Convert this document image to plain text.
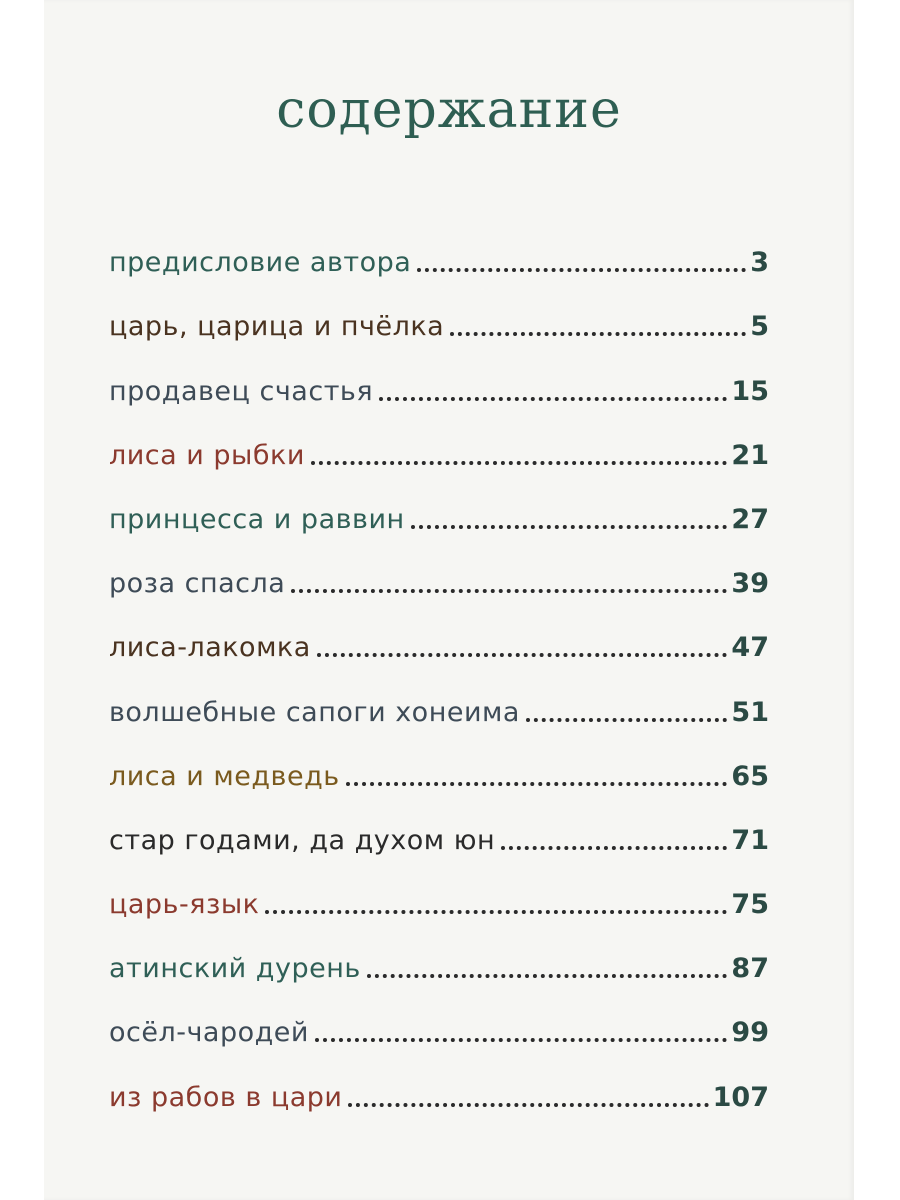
содержание
предисловие автора	3
царь, царица и пчёлка	5
продавец счастья	15
лиса и рыбки	21
принцесса и раввин	27
роза спасла	39
лиса-лакомка	47
волшебные сапоги хонеима	51
лиса и медведь	65
стар годами, да духом юн	71
царь-язык	75
атинский дурень	87
осёл-чародей	99
из рабов в цари	107
